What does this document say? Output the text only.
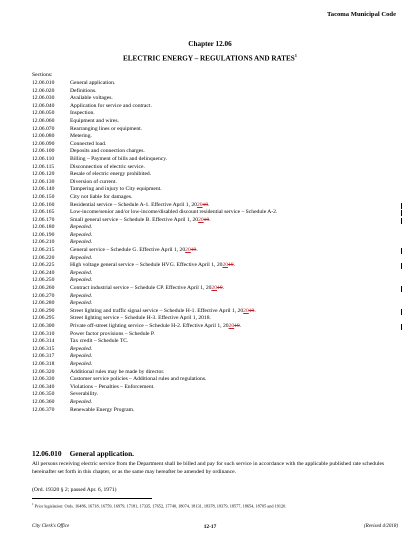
Tacoma Municipal Code
Chapter 12.06
ELECTRIC ENERGY – REGULATIONS AND RATES$^1$
Sections:
12.06.010	General application.
12.06.020	Definitions.
12.06.030	Available voltages.
12.06.040	Application for service and contract.
12.06.050	Inspection.
12.06.060	Equipment and wires.
12.06.070	Rearranging lines or equipment.
12.06.080	Metering.
12.06.090	Connected load.
12.06.100	Deposits and connection charges.
12.06.110	Billing – Payment of bills and delinquency.
12.06.115	Disconnection of electric service.
12.06.120	Resale of electric energy prohibited.
12.06.130	Diversion of current.
12.06.140	Tampering and injury to City equipment.
12.06.150	City not liable for damages.
12.06.160	Residential service – Schedule A-1. Effective April 1, 202019.
12.06.165	Low-income/senior and/or low-income/disabled discount residential service – Schedule A-2.
12.06.170	Small general service – Schedule B. Effective April 1, 202019.
12.06.180	Repealed.
12.06.190	Repealed.
12.06.210	Repealed.
12.06.215	General service – Schedule G. Effective April 1, 202019.
12.06.220	Repealed.
12.06.225	High voltage general service – Schedule HVG. Effective April 1, 202019.
12.06.240	Repealed.
12.06.250	Repealed.
12.06.260	Contract industrial service – Schedule CP. Effective April 1, 202019.
12.06.270	Repealed.
12.06.280	Repealed.
12.06.290	Street lighting and traffic signal service – Schedule H-1. Effective April 1, 202019.
12.06.295	Street lighting service – Schedule H-3. Effective April 1, 2018.
12.06.300	Private off-street lighting service – Schedule H-2. Effective April 1, 202019.
12.06.310	Power factor provisions – Schedule P.
12.06.314	Tax credit – Schedule TC.
12.06.315	Repealed.
12.06.317	Repealed.
12.06.318	Repealed.
12.06.320	Additional rules may be made by director.
12.06.330	Customer service policies – Additional rules and regulations.
12.06.340	Violations – Penalties – Enforcement.
12.06.350	Severability.
12.06.360	Repealed.
12.06.370	Renewable Energy Program.
12.06.010 General application.
All persons receiving electric service from the Department shall be billed and pay for such service in accordance with the applicable published rate schedules hereinafter set forth in this chapter, or as the same may hereafter be amended by ordinance.
(Ord. 19320 § 2; passed Apr. 6, 1971)
$^1$ Prior legislation: Ords. 16486, 16718, 16759, 16979, 17181, 17335, 17652, 17740, 18074, 18131, 18378, 18379, 18577, 18654, 18705 and 19120.
City Clerk's Office	12-17	(Revised 4/2018)
